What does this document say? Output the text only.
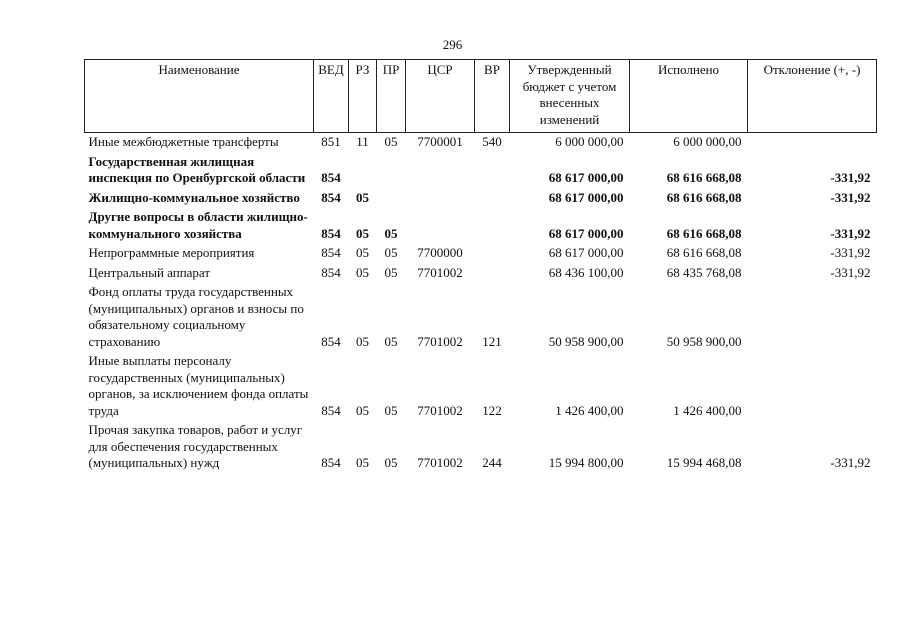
296
Наименование	ВЕД	РЗ	ПР	ЦСР	ВР	Утвержденный бюджет с учетом внесенных изменений	Исполнено	Отклонение (+, -)
Иные межбюджетные трансферты	851	11	05	7700001	540	6 000 000,00	6 000 000,00	
Государственная жилищная инспекция по Оренбургской области	854					68 617 000,00	68 616 668,08	-331,92
Жилищно-коммунальное хозяйство	854	05				68 617 000,00	68 616 668,08	-331,92
Другие вопросы в области жилищно-коммунального хозяйства	854	05	05			68 617 000,00	68 616 668,08	-331,92
Непрограммные мероприятия	854	05	05	7700000		68 617 000,00	68 616 668,08	-331,92
Центральный аппарат	854	05	05	7701002		68 436 100,00	68 435 768,08	-331,92
Фонд оплаты труда государственных (муниципальных) органов и взносы по обязательному социальному страхованию	854	05	05	7701002	121	50 958 900,00	50 958 900,00	
Иные выплаты персоналу государственных (муниципальных) органов, за исключением фонда оплаты труда	854	05	05	7701002	122	1 426 400,00	1 426 400,00	
Прочая закупка товаров, работ и услуг для обеспечения государственных (муниципальных) нужд	854	05	05	7701002	244	15 994 800,00	15 994 468,08	-331,92
